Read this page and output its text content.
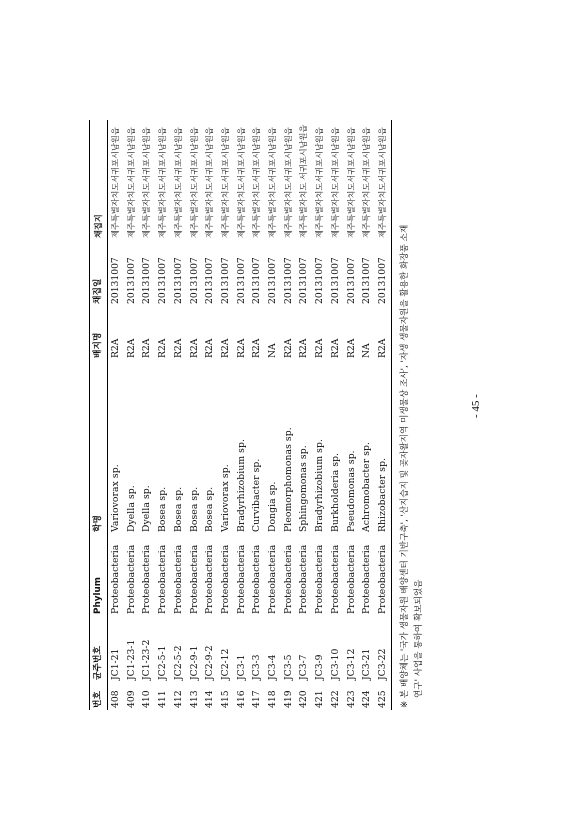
번호	균주번호	Phylum	학명	배지명	채집일	채집지
408	JC1-21	Proteobacteria	Variovorax sp.	R2A	20131007	제주특별자치도서귀포시남원읍
409	JC1-23-1	Proteobacteria	Dyella sp.	R2A	20131007	제주특별자치도서귀포시남원읍
410	JC1-23-2	Proteobacteria	Dyella sp.	R2A	20131007	제주특별자치도서귀포시남원읍
411	JC2-5-1	Proteobacteria	Bosea sp.	R2A	20131007	제주특별자치도서귀포시남원읍
412	JC2-5-2	Proteobacteria	Bosea sp.	R2A	20131007	제주특별자치도서귀포시남원읍
413	JC2-9-1	Proteobacteria	Bosea sp.	R2A	20131007	제주특별자치도서귀포시남원읍
414	JC2-9-2	Proteobacteria	Bosea sp.	R2A	20131007	제주특별자치도서귀포시남원읍
415	JC2-12	Proteobacteria	Variovorax sp.	R2A	20131007	제주특별자치도서귀포시남원읍
416	JC3-1	Proteobacteria	Bradyrhizobium sp.	R2A	20131007	제주특별자치도서귀포시남원읍
417	JC3-3	Proteobacteria	Curvibacter sp.	R2A	20131007	제주특별자치도서귀포시남원읍
418	JC3-4	Proteobacteria	Dongia sp.	NA	20131007	제주특별자치도서귀포시남원읍
419	JC3-5	Proteobacteria	Pleomorphomonas sp.	R2A	20131007	제주특별자치도서귀포시남원읍
420	JC3-7	Proteobacteria	Sphingomonas sp.	R2A	20131007	제주특별자치도 서귀포시남원읍
421	JC3-9	Proteobacteria	Bradyrhizobium sp.	R2A	20131007	제주특별자치도서귀포시남원읍
422	JC3-10	Proteobacteria	Burkholderia sp.	R2A	20131007	제주특별자치도서귀포시남원읍
423	JC3-12	Proteobacteria	Pseudomonas sp.	R2A	20131007	제주특별자치도서귀포시남원읍
424	JC3-21	Proteobacteria	Achromobacter sp.	NA	20131007	제주특별자치도서귀포시남원읍
425	JC3-22	Proteobacteria	Rhizobacter sp.	R2A	20131007	제주특별자치도서귀포시남원읍
※ 본 배양체는 '국가 생물자원 배양센터 기반구축', '산지습지 및 곶자왈지역 미생물상 조사', '자생 생물자원을 활용한 화장품 소재 연구' 사업을 통하여 확보되었음
- 45 -
